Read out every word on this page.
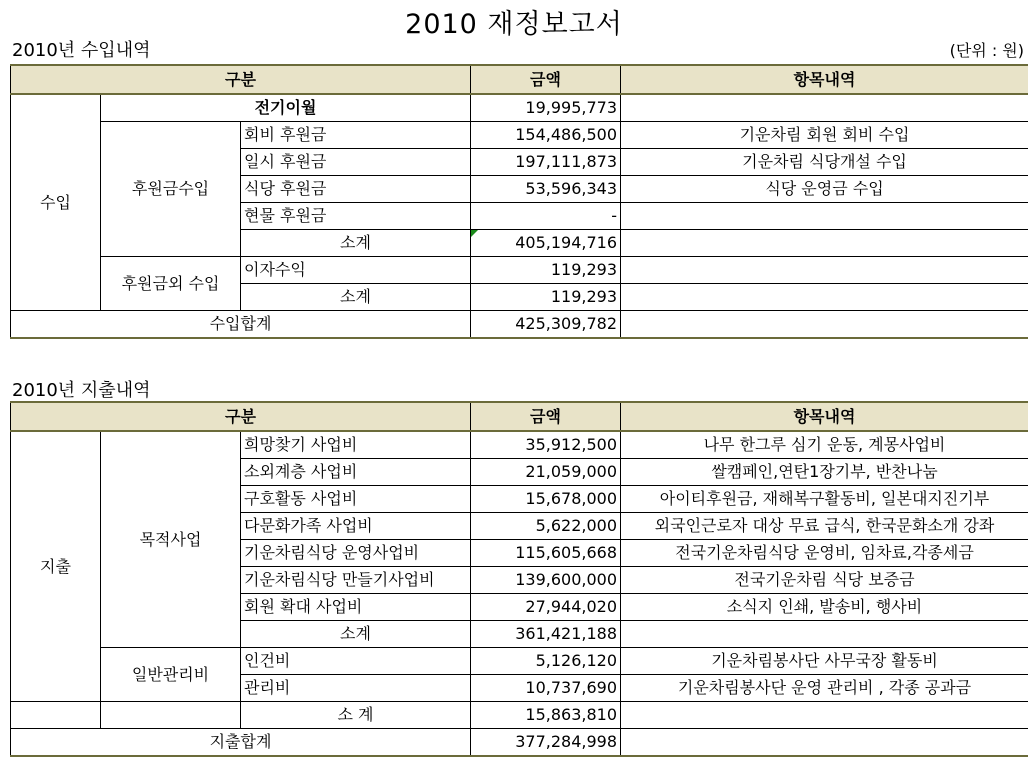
2010 재정보고서
2010년 수입내역	(단위 : 원)
구분			금액	항목내역
수입	전기이월		19,995,773	
	후원금수입	회비 후원금	154,486,500	기운차림 회원 회비 수입
		일시 후원금	197,111,873	기운차림 식당개설 수입
		식당 후원금	53,596,343	식당 운영금 수입
		현물 후원금	-	
		소계	405,194,716	
	후원금외 수입	이자수익	119,293	
		소계	119,293	
수입합계			425,309,782	
2010년 지출내역
구분			금액	항목내역
지출	목적사업	희망찾기 사업비	35,912,500	나무 한그루 심기 운동, 계몽사업비
		소외계층 사업비	21,059,000	쌀캠페인,연탄1장기부, 반찬나눔
		구호활동 사업비	15,678,000	아이티후원금, 재해복구활동비, 일본대지진기부
		다문화가족 사업비	5,622,000	외국인근로자 대상 무료 급식, 한국문화소개 강좌
		기운차림식당 운영사업비	115,605,668	전국기운차림식당 운영비, 임차료,각종세금
		기운차림식당 만들기사업비	139,600,000	전국기운차림 식당 보증금
		회원 확대 사업비	27,944,020	소식지 인쇄, 발송비, 행사비
		소계	361,421,188	
	일반관리비	인건비	5,126,120	기운차림봉사단 사무국장 활동비
		관리비	10,737,690	기운차림봉사단 운영 관리비 , 각종 공과금
		소 계	15,863,810	
지출합계			377,284,998	
